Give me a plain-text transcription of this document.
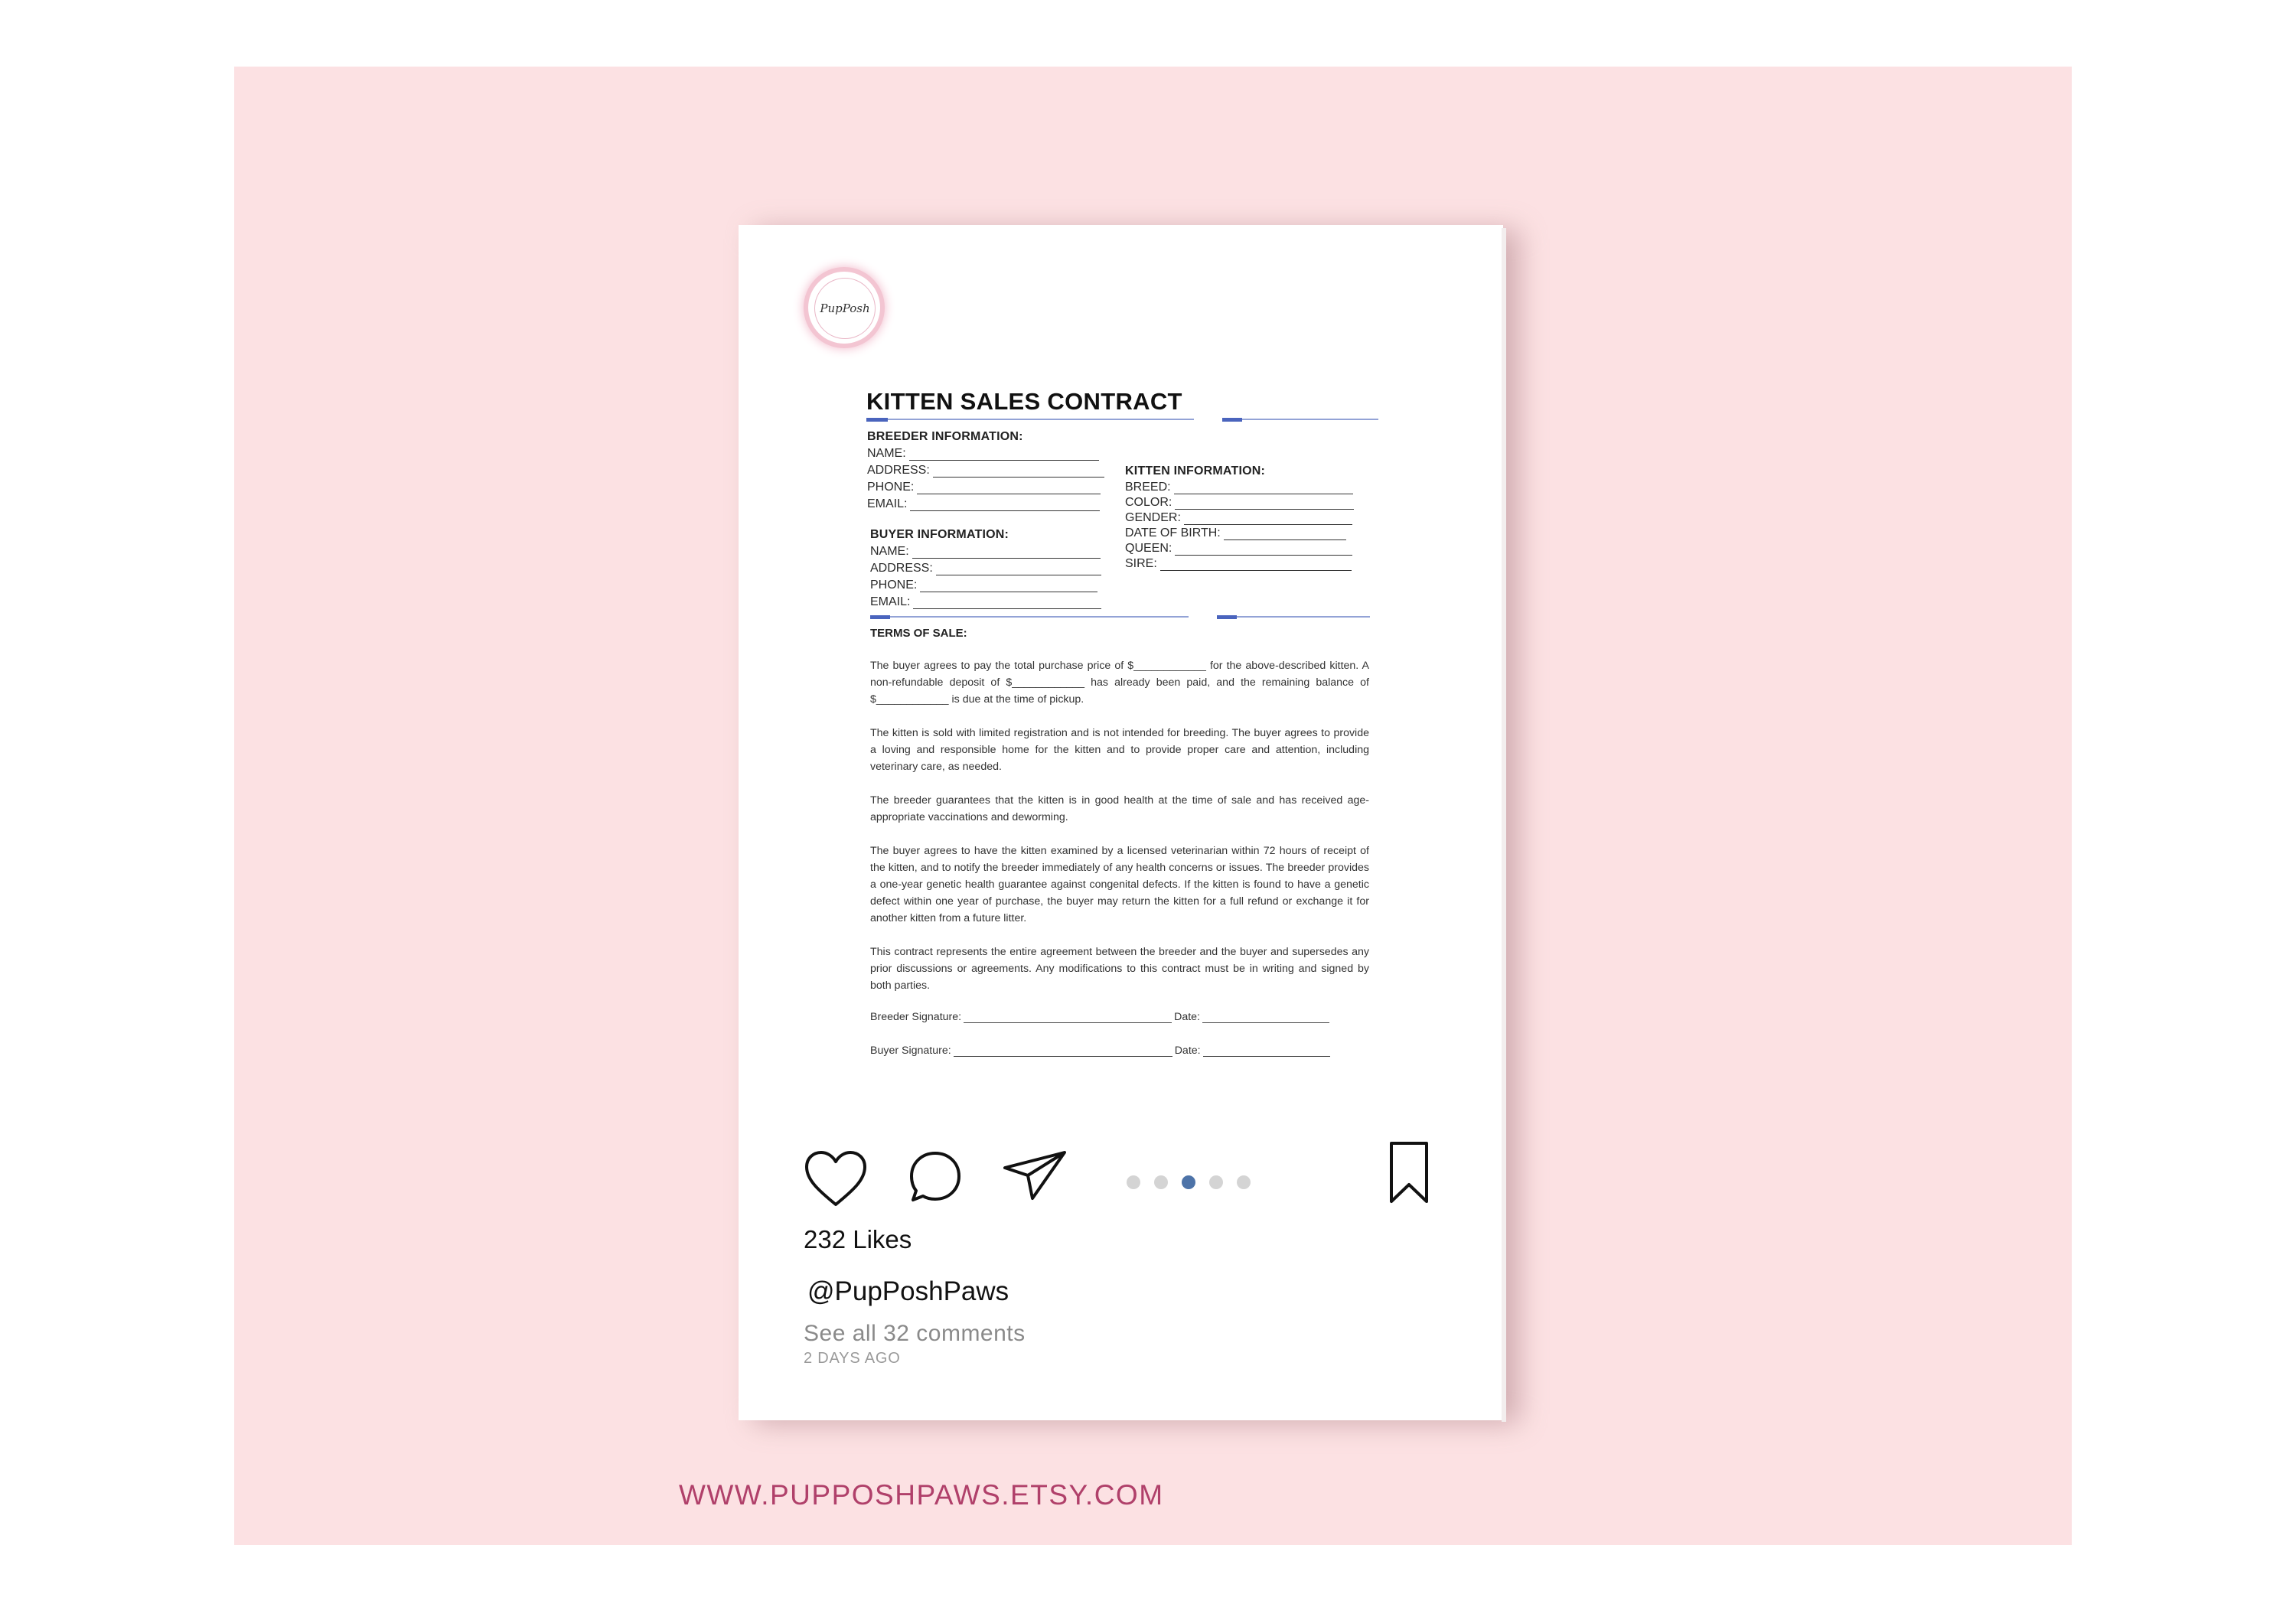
PupPosh
KITTEN SALES CONTRACT
BREEDER INFORMATION:
NAME:
ADDRESS:
PHONE:
EMAIL:
BUYER INFORMATION:
NAME:
ADDRESS:
PHONE:
EMAIL:
KITTEN INFORMATION:
BREED:
COLOR:
GENDER:
DATE OF BIRTH:
QUEEN:
SIRE:
TERMS OF SALE:
The buyer agrees to pay the total purchase price of $____________ for the above-described kitten. A non-refundable deposit of $____________ has already been paid, and the remaining balance of $____________ is due at the time of pickup.
The kitten is sold with limited registration and is not intended for breeding. The buyer agrees to provide a loving and responsible home for the kitten and to provide proper care and attention, including veterinary care, as needed.
The breeder guarantees that the kitten is in good health at the time of sale and has received age-appropriate vaccinations and deworming.
The buyer agrees to have the kitten examined by a licensed veterinarian within 72 hours of receipt of the kitten, and to notify the breeder immediately of any health concerns or issues. The breeder provides a one-year genetic health guarantee against congenital defects. If the kitten is found to have a genetic defect within one year of purchase, the buyer may return the kitten for a full refund or exchange it for another kitten from a future litter.
This contract represents the entire agreement between the breeder and the buyer and supersedes any prior discussions or agreements. Any modifications to this contract must be in writing and signed by both parties.
Breeder Signature:	Date:
Buyer Signature:	Date:
232 Likes
@PupPoshPaws
See all 32 comments
2 DAYS AGO
WWW.PUPPOSHPAWS.ETSY.COM
